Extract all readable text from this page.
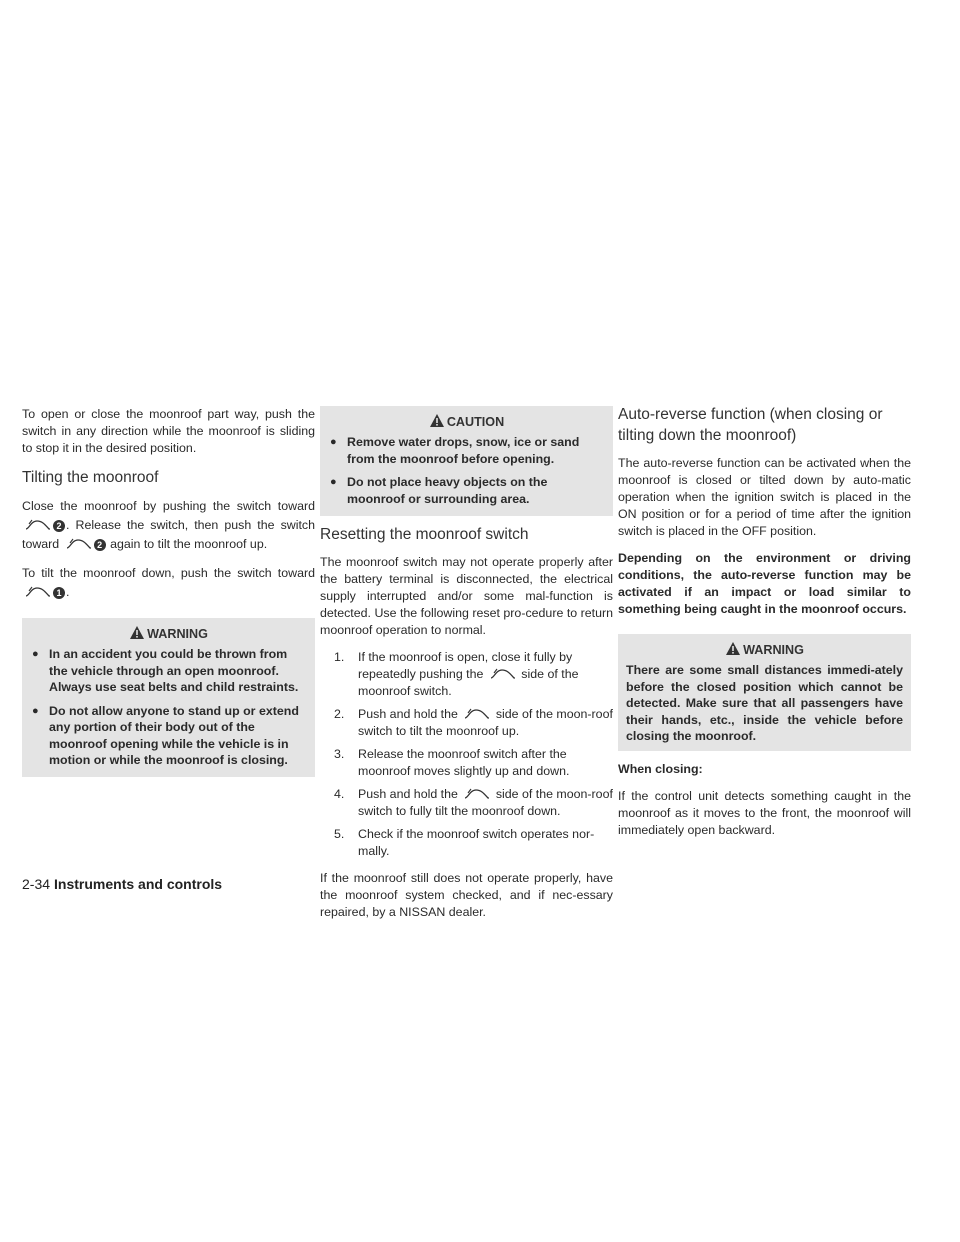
To open or close the moonroof part way, push the switch in any direction while the moonroof is sliding to stop it in the desired position.

Tilting the moonroof

Close the moonroof by pushing the switch toward 2 . Release the switch, then push the switch toward	2 again to tilt the moonroof up.

To tilt the moonroof down, push the switch toward 1 .

WARNING
● In an accident you could be thrown from the vehicle through an open moonroof. Always use seat belts and child restraints.
● Do not allow anyone to stand up or extend any portion of their body out of the moonroof opening while the vehicle is in motion or while the moonroof is closing.
CAUTION
● Remove water drops, snow, ice or sand from the moonroof before opening.
● Do not place heavy objects on the moonroof or surrounding area.
Resetting the moonroof switch

The moonroof switch may not operate properly after the battery terminal is disconnected, the electrical supply interrupted and/or some mal-function is detected. Use the following reset pro-cedure to return moonroof operation to normal.

1. If the moonroof is open, close it fully by repeatedly pushing the	side of the moonroof switch.
2. Push and hold the	side of the moon-roof switch to tilt the moonroof up.
3. Release the moonroof switch after the moonroof moves slightly up and down.
4. Push and hold the	side of the moon-roof switch to fully tilt the moonroof down.
5. Check if the moonroof switch operates nor-mally.

If the moonroof still does not operate properly, have the moonroof system checked, and if nec-essary repaired, by a NISSAN dealer.

Auto-reverse function (when closing or tilting down the moonroof)

The auto-reverse function can be activated when the moonroof is closed or tilted down by auto-matic operation when the ignition switch is placed in the ON position or for a period of time after the ignition switch is placed in the OFF position.

Depending on the environment or driving conditions, the auto-reverse function may be activated if an impact or load similar to something being caught in the moonroof occurs.

WARNING

There are some small distances immedi-ately before the closed position which cannot be detected. Make sure that all passengers have their hands, etc., inside the vehicle before closing the moonroof.

When closing:

If the control unit detects something caught in the moonroof as it moves to the front, the moonroof will immediately open backward.

2-34 Instruments and controls
